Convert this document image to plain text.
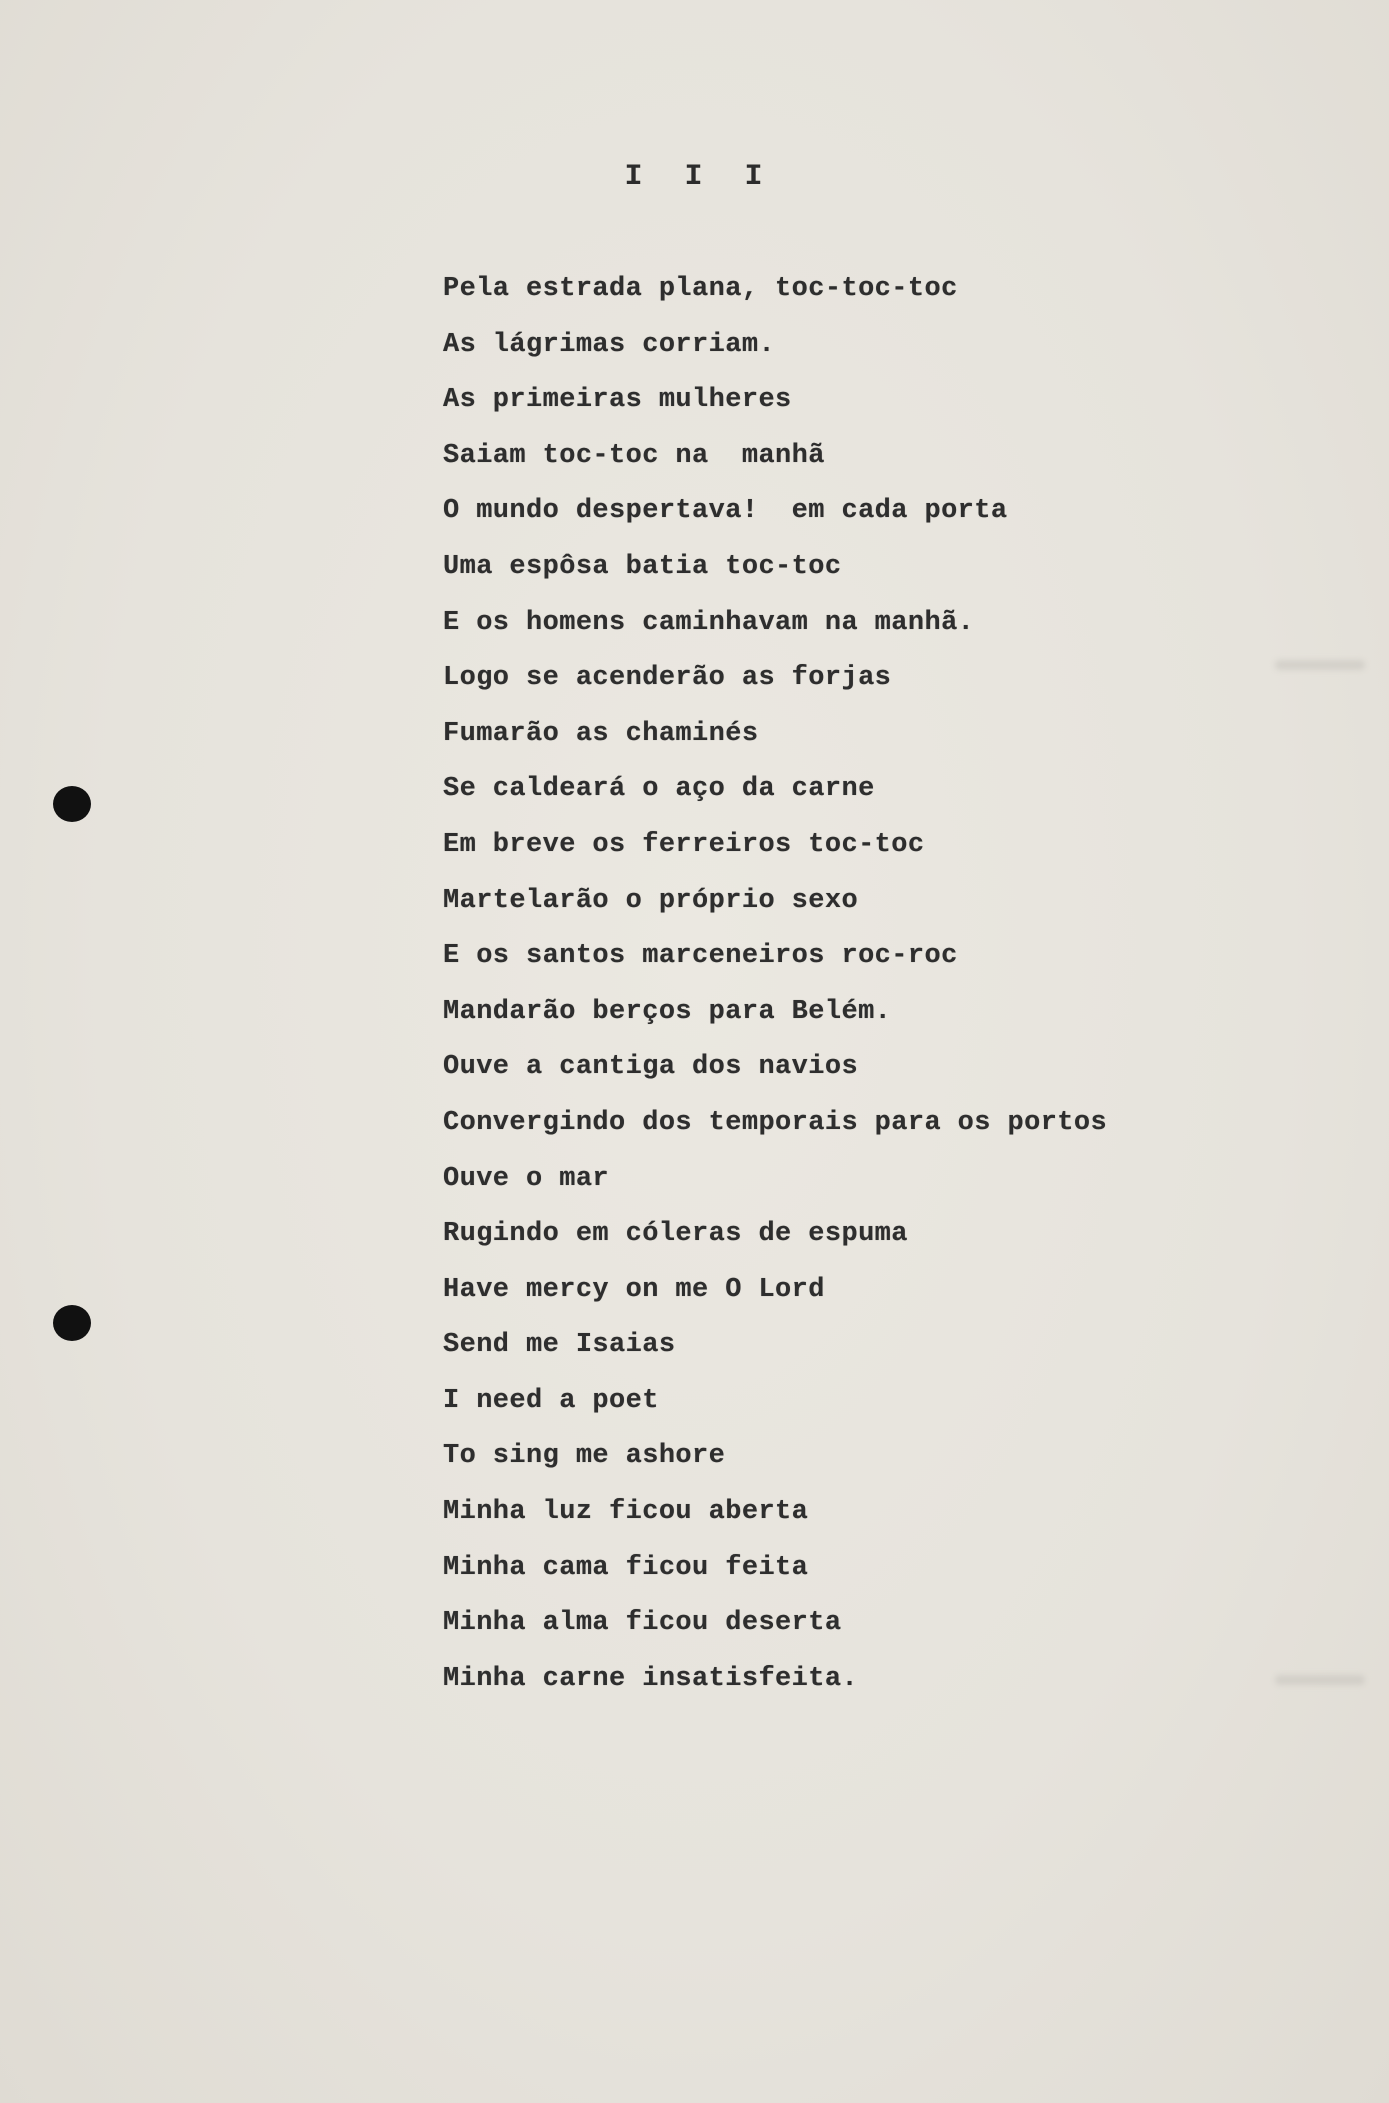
I I I
Pela estrada plana, toc-toc-toc
As lágrimas corriam.
As primeiras mulheres
Saiam toc-toc na  manhã
O mundo despertava!  em cada porta
Uma espôsa batia toc-toc
E os homens caminhavam na manhã.
Logo se acenderão as forjas
Fumarão as chaminés
Se caldeará o aço da carne
Em breve os ferreiros toc-toc
Martelarão o próprio sexo
E os santos marceneiros roc-roc
Mandarão berços para Belém.
Ouve a cantiga dos navios
Convergindo dos temporais para os portos
Ouve o mar
Rugindo em cóleras de espuma
Have mercy on me O Lord
Send me Isaias
I need a poet
To sing me ashore
Minha luz ficou aberta
Minha cama ficou feita
Minha alma ficou deserta
Minha carne insatisfeita.
